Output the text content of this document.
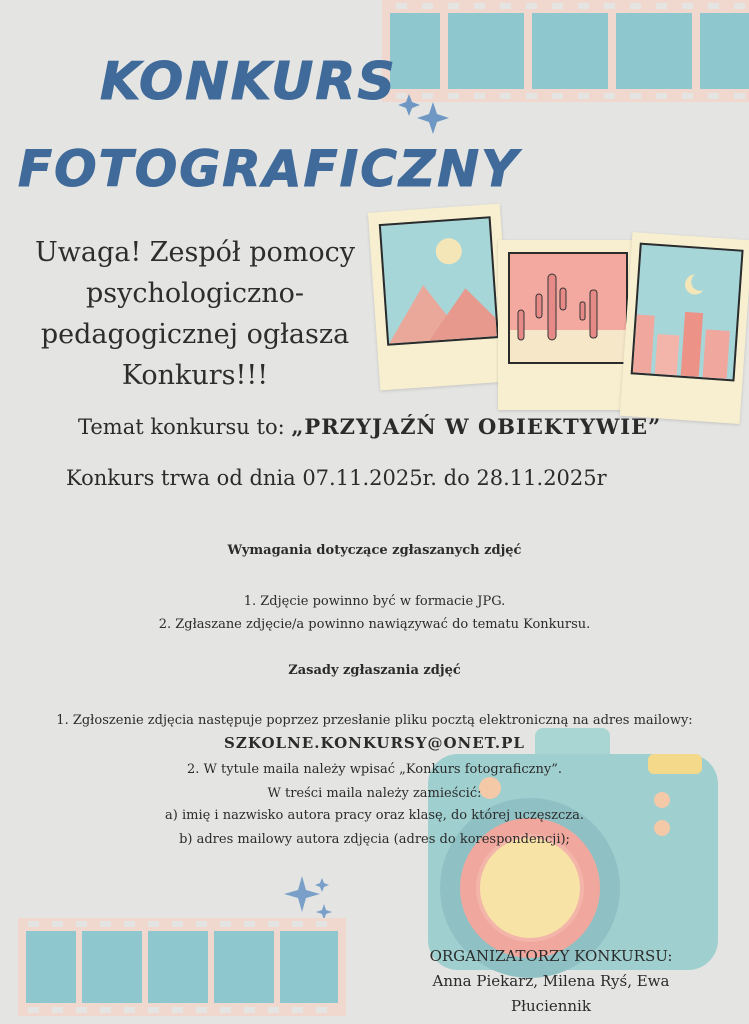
KONKURS
FOTOGRAFICZNY
Uwaga! Zespół pomocy
psychologiczno-
pedagogicznej ogłasza
Konkurs!!!
Temat konkursu to: „PRZYJAŹŃ W OBIEKTYWIE”
Konkurs trwa od dnia 07.11.2025r. do 28.11.2025r
Wymagania dotyczące zgłaszanych zdjęć
1. Zdjęcie powinno być w formacie JPG.
2. Zgłaszane zdjęcie/a powinno nawiązywać do tematu Konkursu.
Zasady zgłaszania zdjęć
1. Zgłoszenie zdjęcia następuje poprzez przesłanie pliku pocztą elektroniczną na adres mailowy:
SZKOLNE.KONKURSY@ONET.PL
2. W tytule maila należy wpisać „Konkurs fotograficzny”.
W treści maila należy zamieścić:
a) imię i nazwisko autora pracy oraz klasę, do której uczęszcza.
b) adres mailowy autora zdjęcia (adres do korespondencji);
ORGANIZATORZY KONKURSU:
Anna Piekarz, Milena Ryś, Ewa
Płuciennik
